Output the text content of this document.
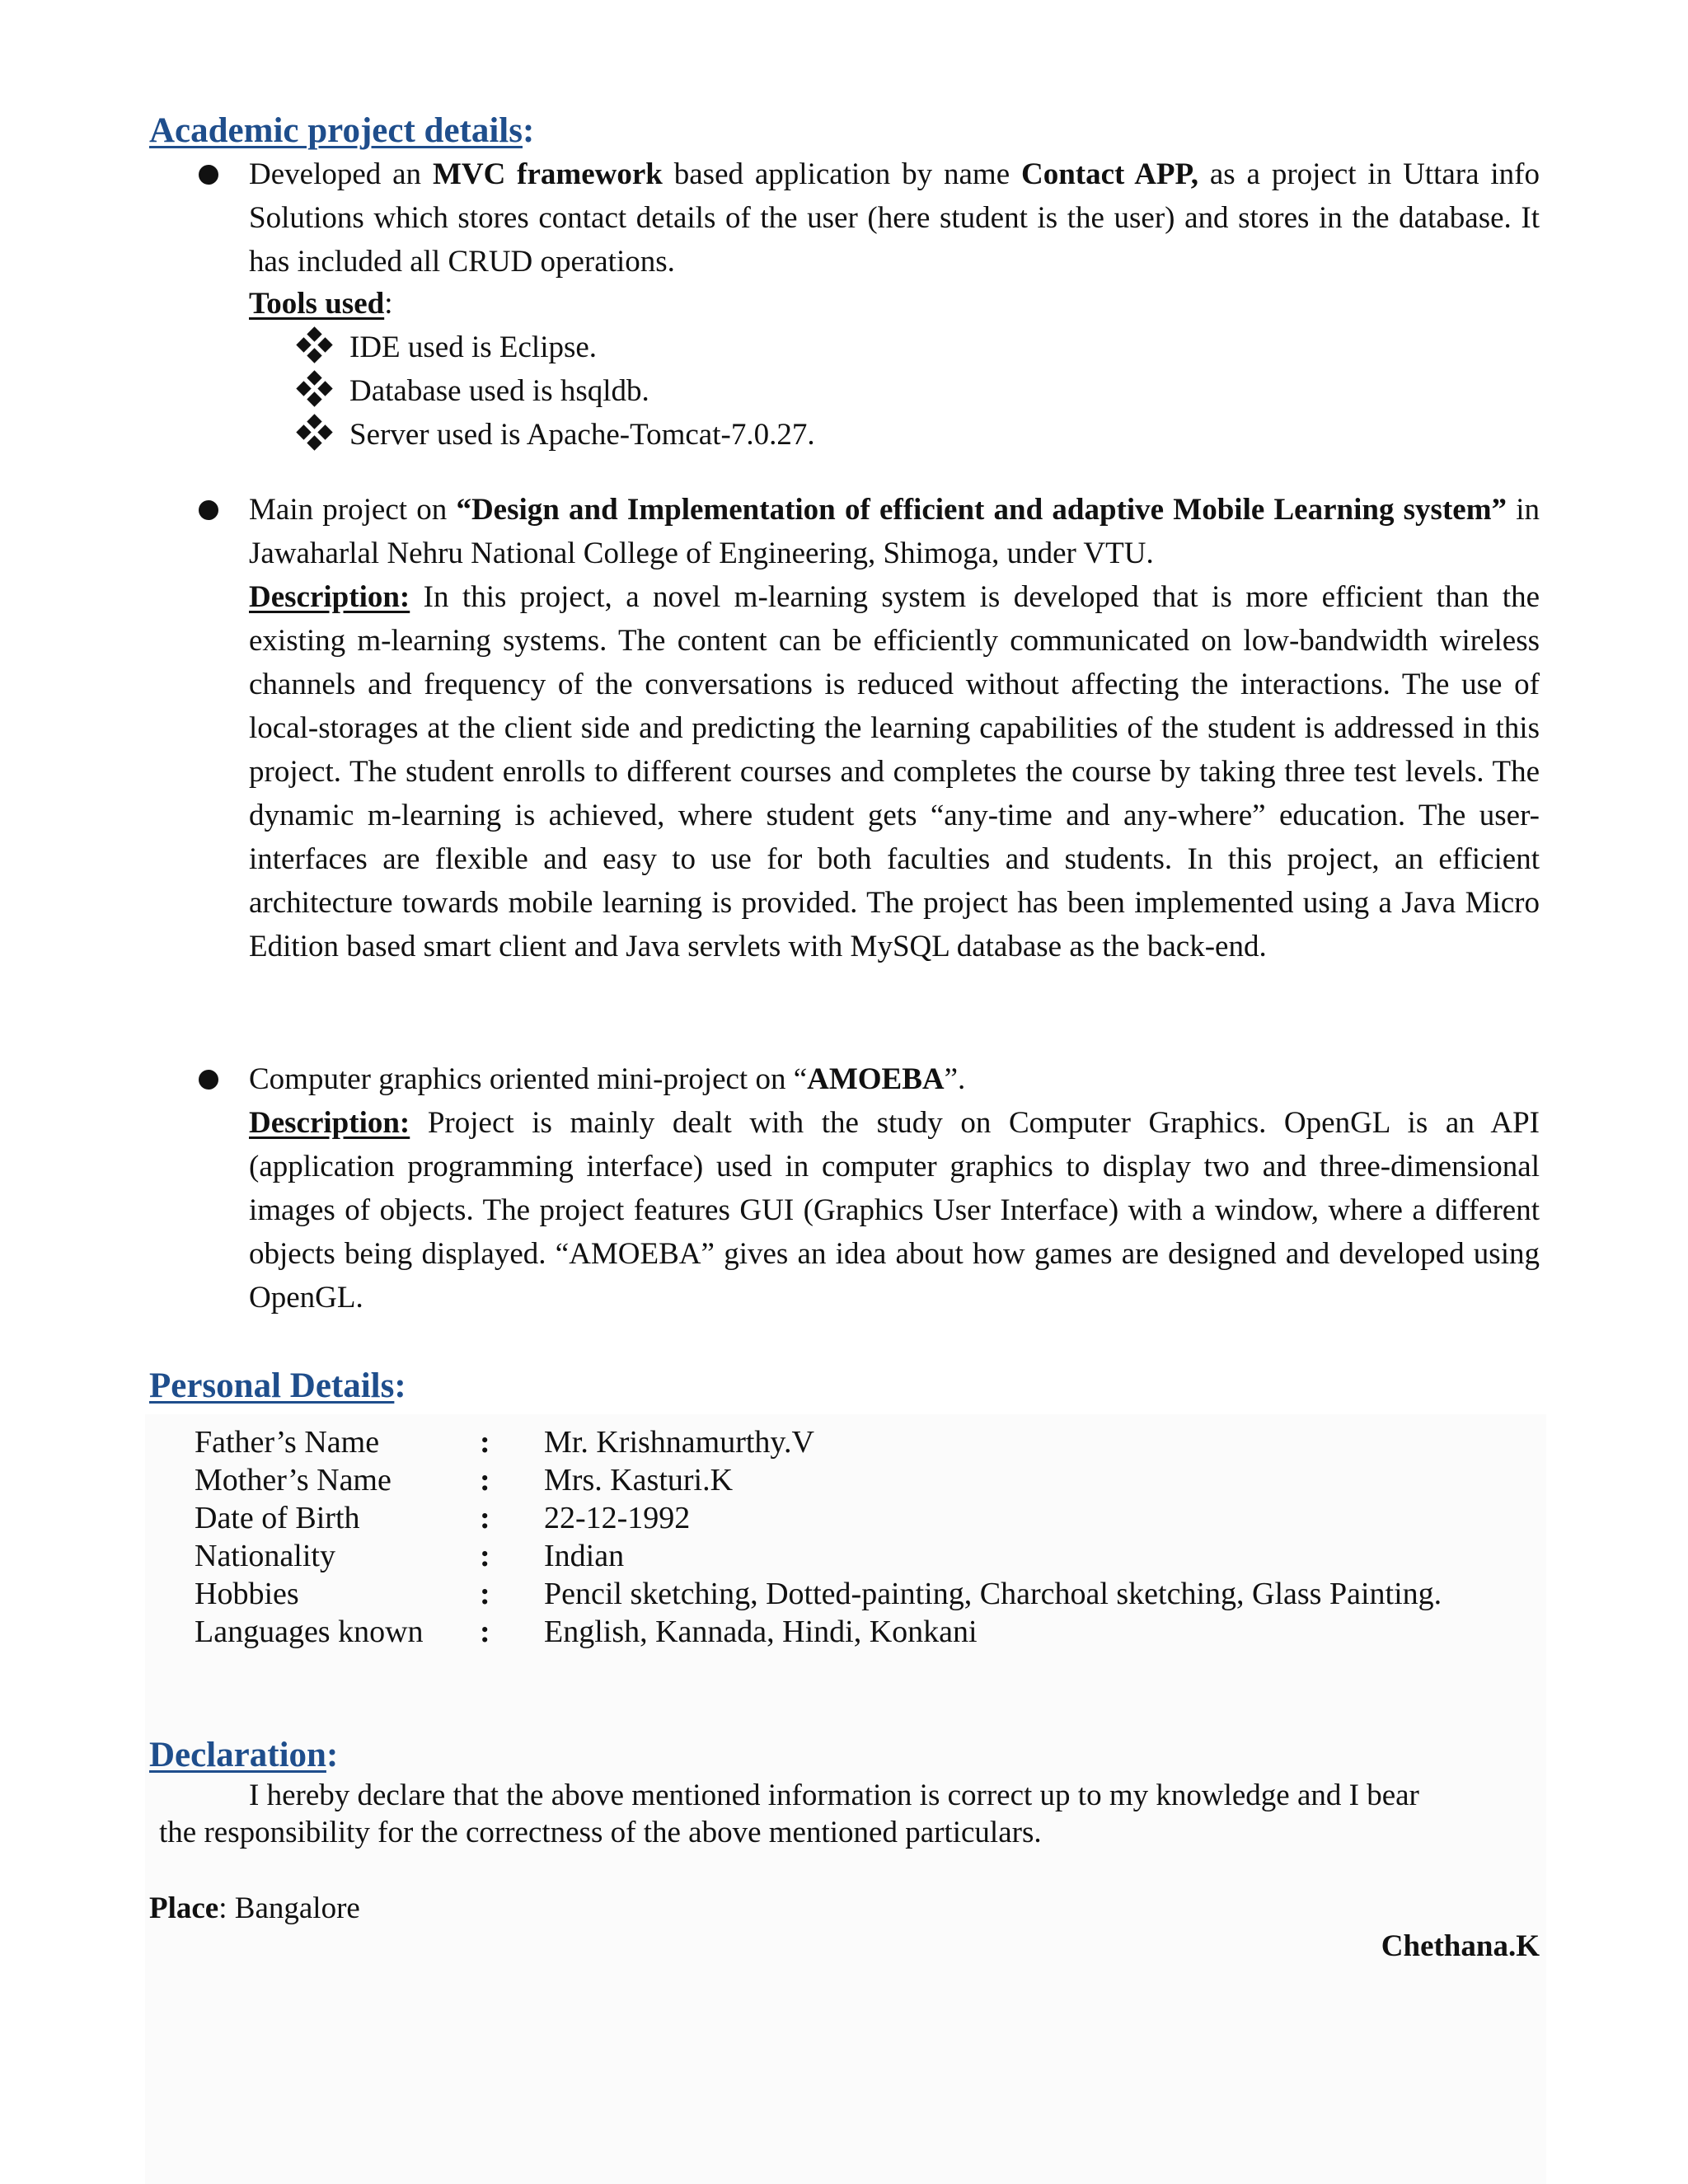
Academic project details:
Developed an MVC framework based application by name Contact APP, as a project in Uttara info Solutions which stores contact details of the user (here student is the user) and stores in the database. It has included all CRUD operations.
Tools used:
IDE used is Eclipse.
Database used is hsqldb.
Server used is Apache-Tomcat-7.0.27.
Main project on “Design and Implementation of efficient and adaptive Mobile Learning system” in Jawaharlal Nehru National College of Engineering, Shimoga, under VTU.
Description: In this project, a novel m-learning system is developed that is more efficient than the existing m-learning systems. The content can be efficiently communicated on low-bandwidth wireless channels and frequency of the conversations is reduced without affecting the interactions. The use of local-storages at the client side and predicting the learning capabilities of the student is addressed in this project. The student enrolls to different courses and completes the course by taking three test levels. The dynamic m-learning is achieved, where student gets “any-time and any-where” education. The user-interfaces are flexible and easy to use for both faculties and students. In this project, an efficient architecture towards mobile learning is provided. The project has been implemented using a Java Micro Edition based smart client and Java servlets with MySQL database as the back-end.
Computer graphics oriented mini-project on “AMOEBA”.
Description: Project is mainly dealt with the study on Computer Graphics. OpenGL is an API (application programming interface) used in computer graphics to display two and three-dimensional images of objects. The project features GUI (Graphics User Interface) with a window, where a different objects being displayed. “AMOEBA” gives an idea about how games are designed and developed using OpenGL.
Personal Details:
Father’s Name	: Mr. Krishnamurthy.V
Mother’s Name	: Mrs. Kasturi.K
Date of Birth	: 22-12-1992
Nationality	: Indian
Hobbies	: Pencil sketching, Dotted-painting, Charchoal sketching, Glass Painting.
Languages known : English, Kannada, Hindi, Konkani
Declaration:
I hereby declare that the above mentioned information is correct up to my knowledge and I bear
the responsibility for the correctness of the above mentioned particulars.
Place: Bangalore
Chethana.K
